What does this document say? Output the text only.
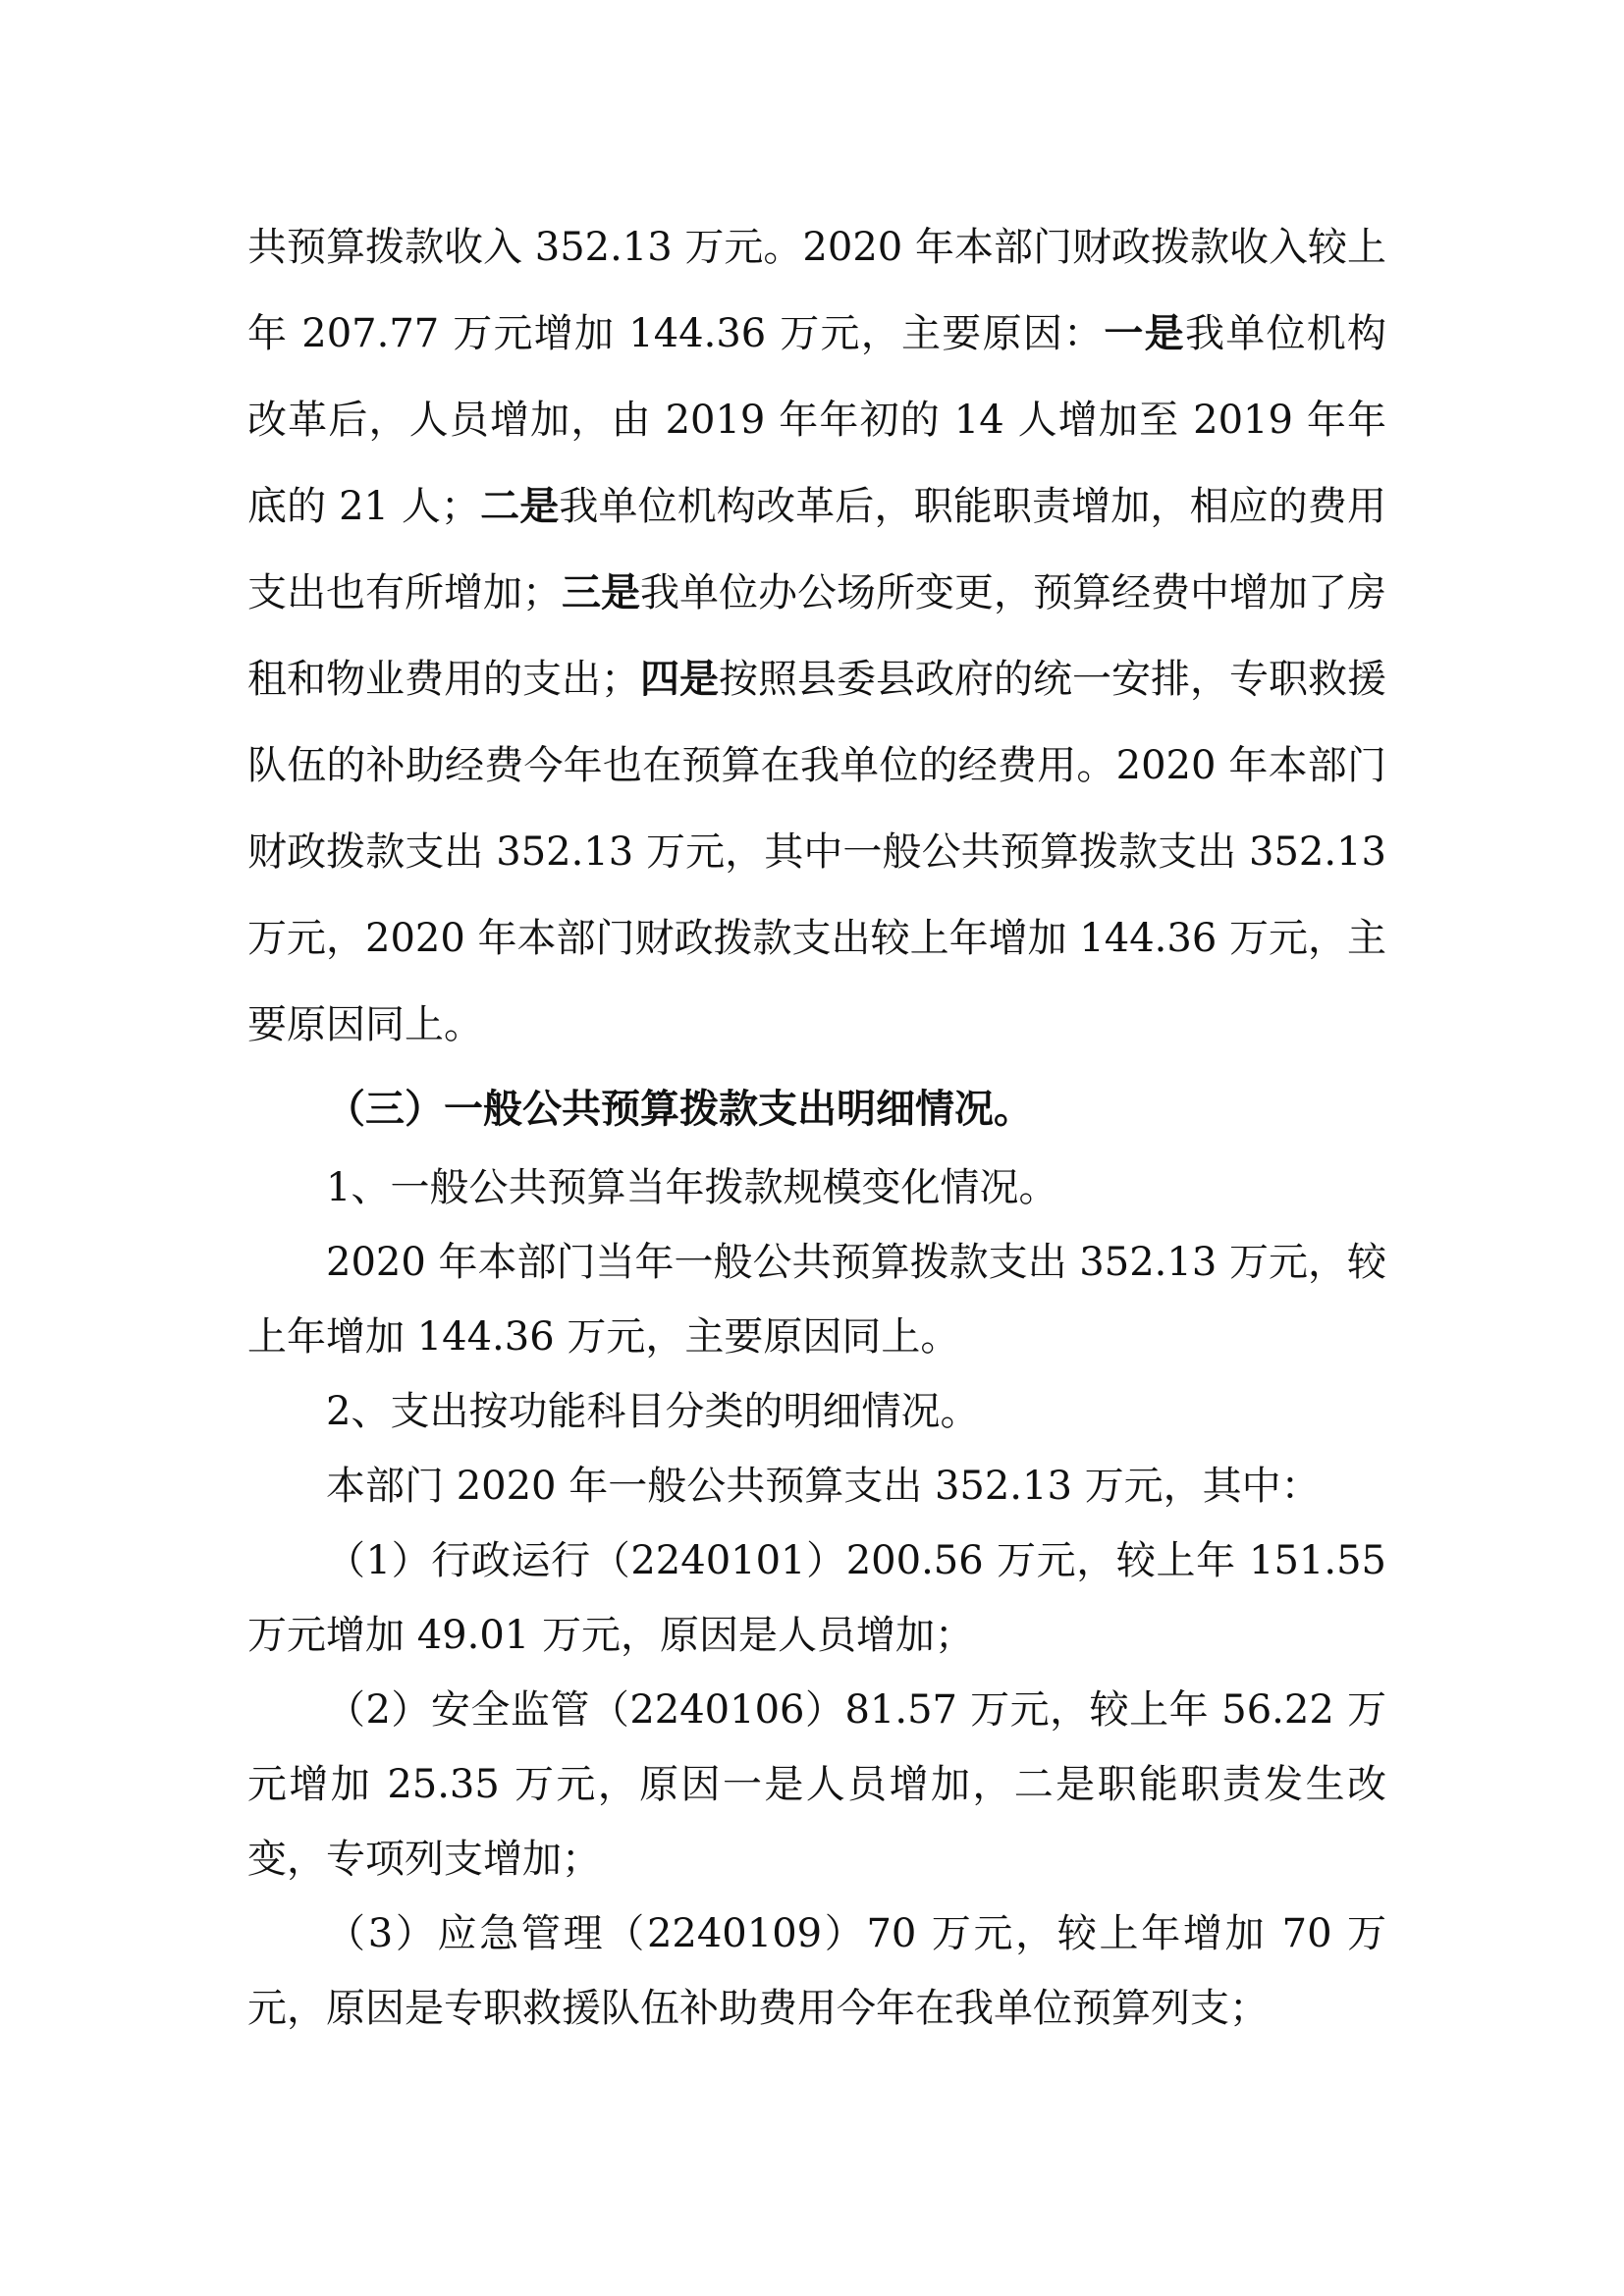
共预算拨款收入 352.13 万元。2020 年本部门财政拨款收入较上年 207.77 万元增加 144.36 万元，主要原因：一是我单位机构改革后，人员增加，由 2019 年年初的 14 人增加至 2019 年年底的 21 人；二是我单位机构改革后，职能职责增加，相应的费用支出也有所增加；三是我单位办公场所变更，预算经费中增加了房租和物业费用的支出；四是按照县委县政府的统一安排，专职救援队伍的补助经费今年也在预算在我单位的经费用。2020 年本部门财政拨款支出 352.13 万元，其中一般公共预算拨款支出 352.13 万元，2020 年本部门财政拨款支出较上年增加 144.36 万元，主要原因同上。

（三）一般公共预算拨款支出明细情况。

1、一般公共预算当年拨款规模变化情况。

2020 年本部门当年一般公共预算拨款支出 352.13 万元，较上年增加 144.36 万元，主要原因同上。

2、支出按功能科目分类的明细情况。

本部门 2020 年一般公共预算支出 352.13 万元，其中：

（1）行政运行（2240101）200.56 万元，较上年 151.55 万元增加 49.01 万元，原因是人员增加；

（2）安全监管（2240106）81.57 万元，较上年 56.22 万元增加 25.35 万元，原因一是人员增加，二是职能职责发生改变，专项列支增加；

（3）应急管理（2240109）70 万元，较上年增加 70 万元，原因是专职救援队伍补助费用今年在我单位预算列支；
